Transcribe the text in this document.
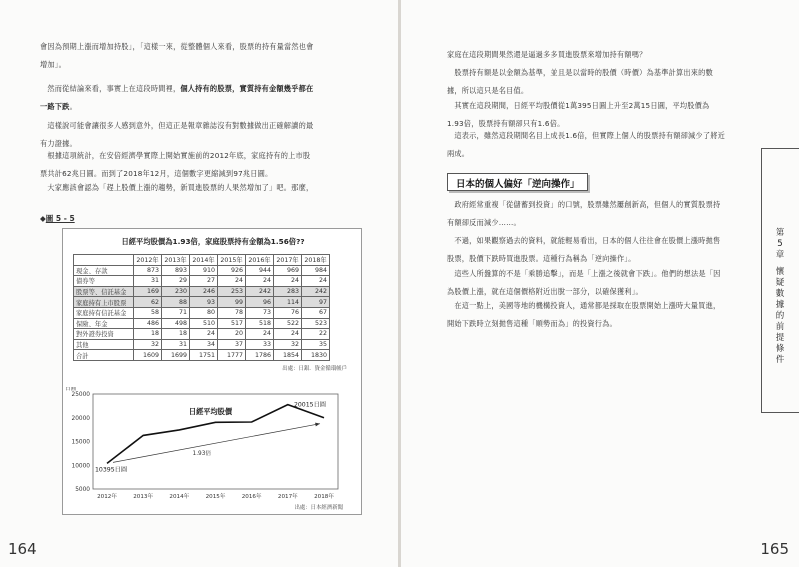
會因為預期上漲而增加持股」，「這樣一來，從整體個人來看，股票的持有量當然也會
增加」。
　然而從結論來看，事實上在這段時間裡，個人持有的股票，實質持有金額幾乎都在
一路下跌。
　這樣說可能會讓很多人感到意外，但這正是報章雜誌沒有對數據做出正確解讀的最
有力證據。
　根據這項統計，在安倍經濟學實際上開始實施前的2012年底，家庭持有的上市股
票共計62兆日圓。而到了2018年12月，這個數字更縮減到97兆日圓。
　大家應該會認為「趕上股價上漲的趨勢，新買進股票的人果然增加了」吧。那麼，
◆圖 5 - 5
日經平均股價為1.93倍，家庭股票持有金額為1.56倍??
	2012年	2013年	2014年	2015年	2016年	2017年	2018年
現金、存款	873	893	910	926	944	969	984
債券等	31	29	27	24	24	24	24
股票等、信託基金	169	230	246	253	242	283	242
家庭持有上市股票	62	88	93	99	96	114	97
家庭持有信託基金	58	71	80	78	73	76	67
保險、年金	486	498	510	517	518	522	523
對外證券投資	18	18	24	20	24	24	22
其他	32	31	34	37	33	32	35
合計	1609	1699	1751	1777	1786	1854	1830
出處：日銀．資金循環帳戶
日圓
5000
10000
15000
20000
25000
2012年	2013年	2014年	2015年	2016年	2017年	2018年
日經平均股價
1.93倍
10395日圓
20015日圓
出處：日本經濟新聞
164
家庭在這段期間果然還是逼過多多買進股票來增加持有額嗎？
　股票持有額是以金額為基準，並且是以當時的股價（時價）為基準計算出來的數
據，所以這只是名目值。
　其實在這段期間，日經平均股價從1萬395日圓上升至2萬15日圓，平均股價為
1.93倍，股票持有額卻只有1.6倍。
　這表示，雖然這段期間名目上成長1.6倍，但實際上個人的股票持有額卻減少了將近
兩成。
日本的個人偏好「逆向操作」
　政府經常重複「從儲蓄到投資」的口號，股票雖然屢創新高，但個人的實質股票持
有額卻反而減少……。
　不過，如果觀察過去的資料，就能輕易看出，日本的個人往往會在股價上漲時拋售
股票，股價下跌時買進股票。這種行為稱為「逆向操作」。
　這些人所盤算的不是「乘勝追擊」，而是「上漲之後就會下跌」。他們的想法是「因
為股價上漲，就在這個價格附近出脫一部分，以確保獲利」。
　在這一點上，美國等地的機構投資人，通常都是採取在股票開始上漲時大量買進，
開始下跌時立刻拋售這種「順勢而為」的投資行為。
第
5
章
懷
疑
數
據
的
前
提
條
件
165
